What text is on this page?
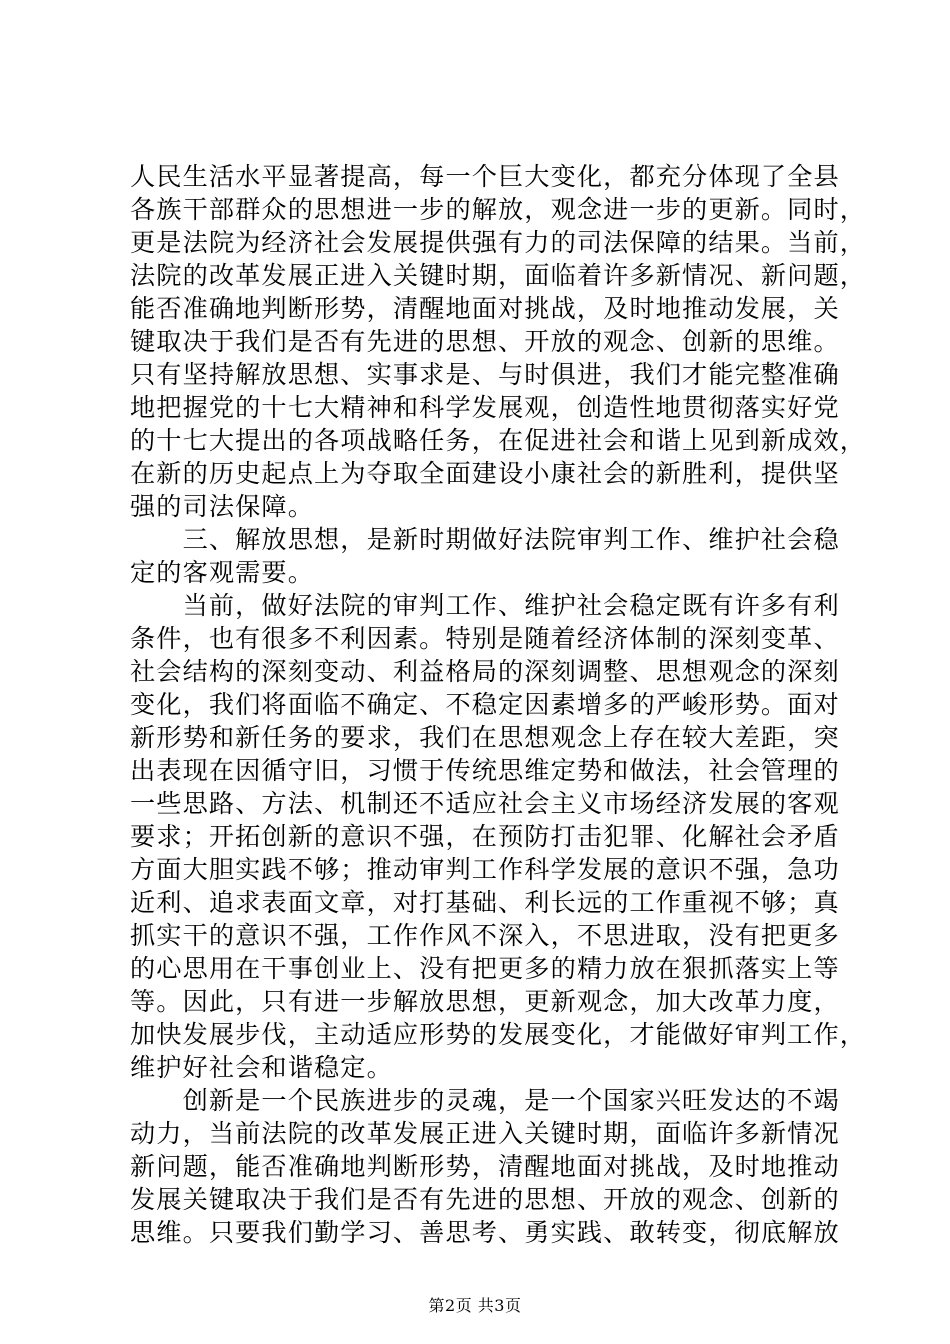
人民生活水平显著提高，每一个巨大变化，都充分体现了全县
各族干部群众的思想进一步的解放，观念进一步的更新。同时，
更是法院为经济社会发展提供强有力的司法保障的结果。当前，
法院的改革发展正进入关键时期，面临着许多新情况、新问题，
能否准确地判断形势，清醒地面对挑战，及时地推动发展，关
键取决于我们是否有先进的思想、开放的观念、创新的思维。
只有坚持解放思想、实事求是、与时俱进，我们才能完整准确
地把握党的十七大精神和科学发展观，创造性地贯彻落实好党
的十七大提出的各项战略任务，在促进社会和谐上见到新成效，
在新的历史起点上为夺取全面建设小康社会的新胜利，提供坚
强的司法保障。
　　三、解放思想，是新时期做好法院审判工作、维护社会稳
定的客观需要。
　　当前，做好法院的审判工作、维护社会稳定既有许多有利
条件，也有很多不利因素。特别是随着经济体制的深刻变革、
社会结构的深刻变动、利益格局的深刻调整、思想观念的深刻
变化，我们将面临不确定、不稳定因素增多的严峻形势。面对
新形势和新任务的要求，我们在思想观念上存在较大差距，突
出表现在因循守旧，习惯于传统思维定势和做法，社会管理的
一些思路、方法、机制还不适应社会主义市场经济发展的客观
要求；开拓创新的意识不强，在预防打击犯罪、化解社会矛盾
方面大胆实践不够；推动审判工作科学发展的意识不强，急功
近利、追求表面文章，对打基础、利长远的工作重视不够；真
抓实干的意识不强，工作作风不深入，不思进取，没有把更多
的心思用在干事创业上、没有把更多的精力放在狠抓落实上等
等。因此，只有进一步解放思想，更新观念，加大改革力度，
加快发展步伐，主动适应形势的发展变化，才能做好审判工作，
维护好社会和谐稳定。
　　创新是一个民族进步的灵魂，是一个国家兴旺发达的不竭
动力，当前法院的改革发展正进入关键时期，面临许多新情况
新问题，能否准确地判断形势，清醒地面对挑战，及时地推动
发展关键取决于我们是否有先进的思想、开放的观念、创新的
思维。只要我们勤学习、善思考、勇实践、敢转变，彻底解放
第2页 共3页
